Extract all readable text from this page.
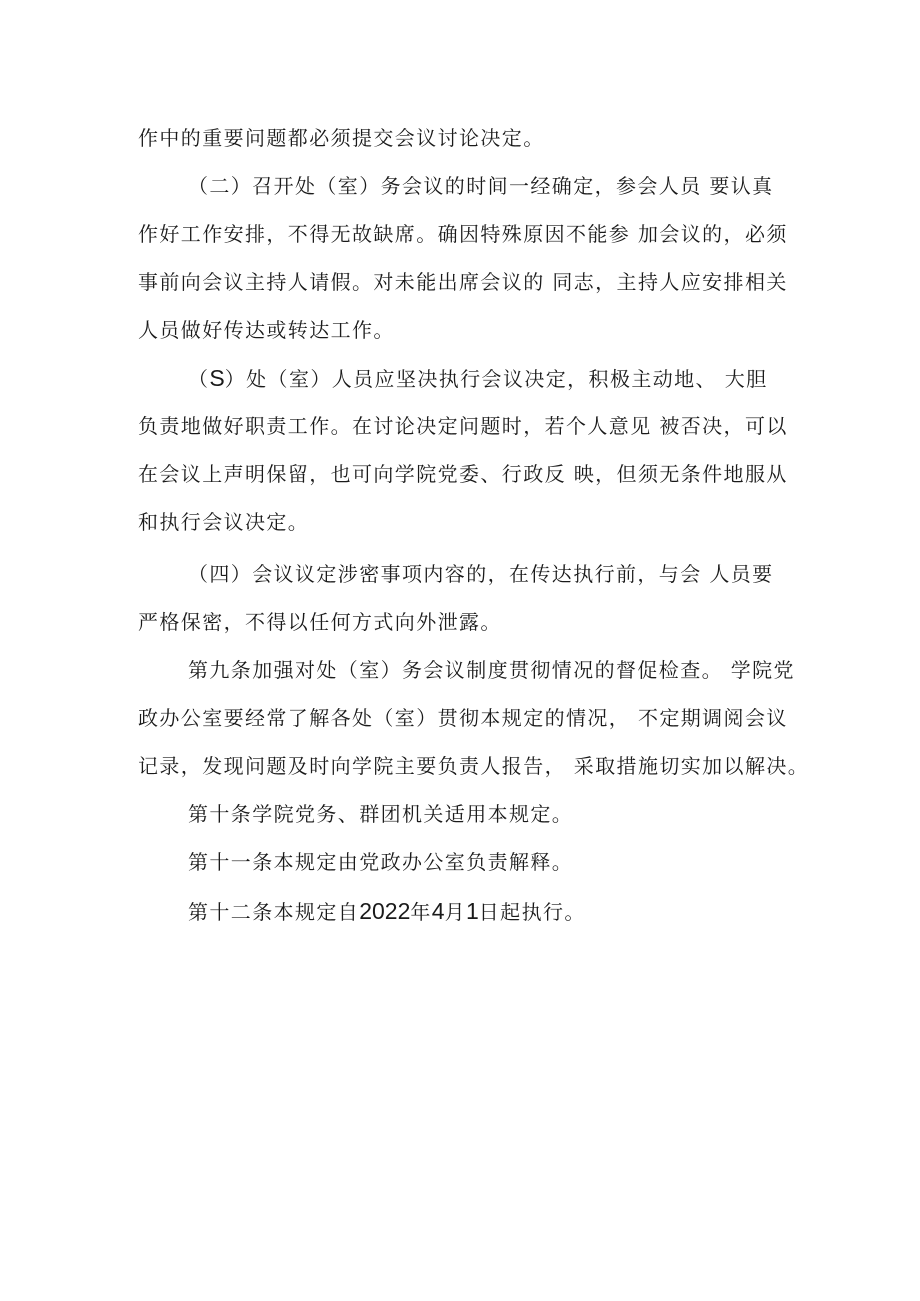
作中的重要问题都必须提交会议讨论决定。
（二）召开处（室）务会议的时间一经确定，参会人员 要认真
作好工作安排，不得无故缺席。确因特殊原因不能参 加会议的，必须
事前向会议主持人请假。对未能出席会议的 同志，主持人应安排相关
人员做好传达或转达工作。
（S）处（室）人员应坚决执行会议决定，积极主动地、 大胆
负责地做好职责工作。在讨论决定问题时，若个人意见 被否决，可以
在会议上声明保留，也可向学院党委、行政反 映，但须无条件地服从
和执行会议决定。
（四）会议议定涉密事项内容的，在传达执行前，与会 人员要
严格保密，不得以任何方式向外泄露。
第九条加强对处（室）务会议制度贯彻情况的督促检查。 学院党
政办公室要经常了解各处（室）贯彻本规定的情况， 不定期调阅会议
记录，发现问题及时向学院主要负责人报告， 采取措施切实加以解决。
第十条学院党务、群团机关适用本规定。
第十一条本规定由党政办公室负责解释。
第十二条本规定自2022年4月1日起执行。
